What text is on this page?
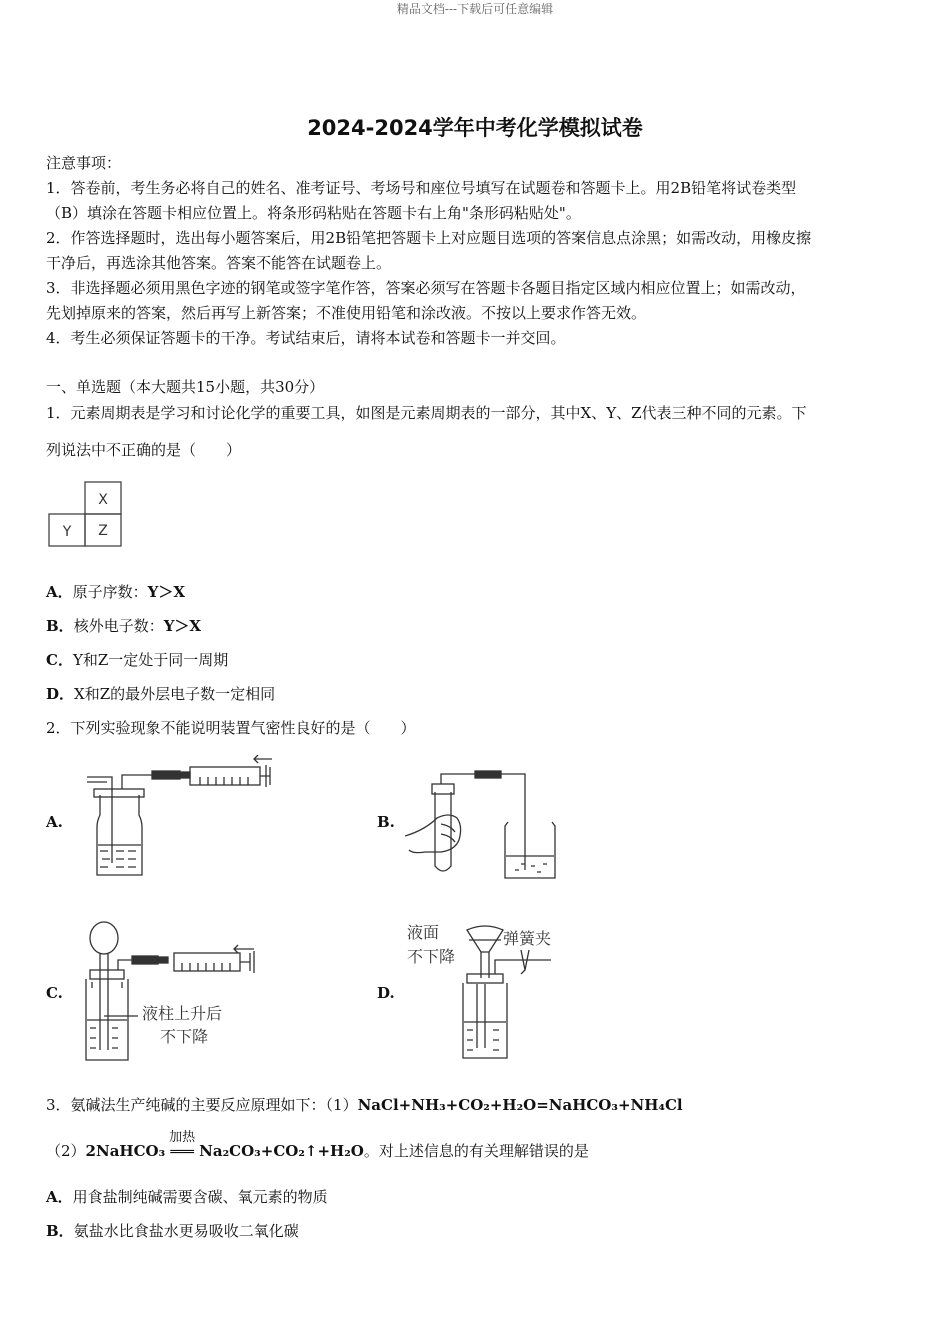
精品文档---下载后可任意编辑
2024-2024学年中考化学模拟试卷
注意事项：
1．答卷前，考生务必将自己的姓名、准考证号、考场号和座位号填写在试题卷和答题卡上。用2B铅笔将试卷类型
（B）填涂在答题卡相应位置上。将条形码粘贴在答题卡右上角"条形码粘贴处"。
2．作答选择题时，选出每小题答案后，用2B铅笔把答题卡上对应题目选项的答案信息点涂黑；如需改动，用橡皮擦
干净后，再选涂其他答案。答案不能答在试题卷上。
3．非选择题必须用黑色字迹的钢笔或签字笔作答，答案必须写在答题卡各题目指定区域内相应位置上；如需改动，
先划掉原来的答案，然后再写上新答案；不准使用铅笔和涂改液。不按以上要求作答无效。
4．考生必须保证答题卡的干净。考试结束后，请将本试卷和答题卡一并交回。
一、单选题（本大题共15小题，共30分）
1．元素周期表是学习和讨论化学的重要工具，如图是元素周期表的一部分，其中X、Y、Z代表三种不同的元素。下
列说法中不正确的是（　　）
X
Y Z
A．原子序数：Y＞X
B．核外电子数：Y＞X
C．Y和Z一定处于同一周期
D．X和Z的最外层电子数一定相同
2．下列实验现象不能说明装置气密性良好的是（　　）
A.	B.
C.	D.
液柱上升后
不下降
液面
不下降
弹簧夹
3．氨碱法生产纯碱的主要反应原理如下：（1）NaCl+NH₃+CO₂+H₂O=NaHCO₃+NH₄Cl
（2）2NaHCO₃
加热
═══ Na₂CO₃+CO₂↑+H₂O。对上述信息的有关理解错误的是
A．用食盐制纯碱需要含碳、氧元素的物质
B．氨盐水比食盐水更易吸收二氧化碳
